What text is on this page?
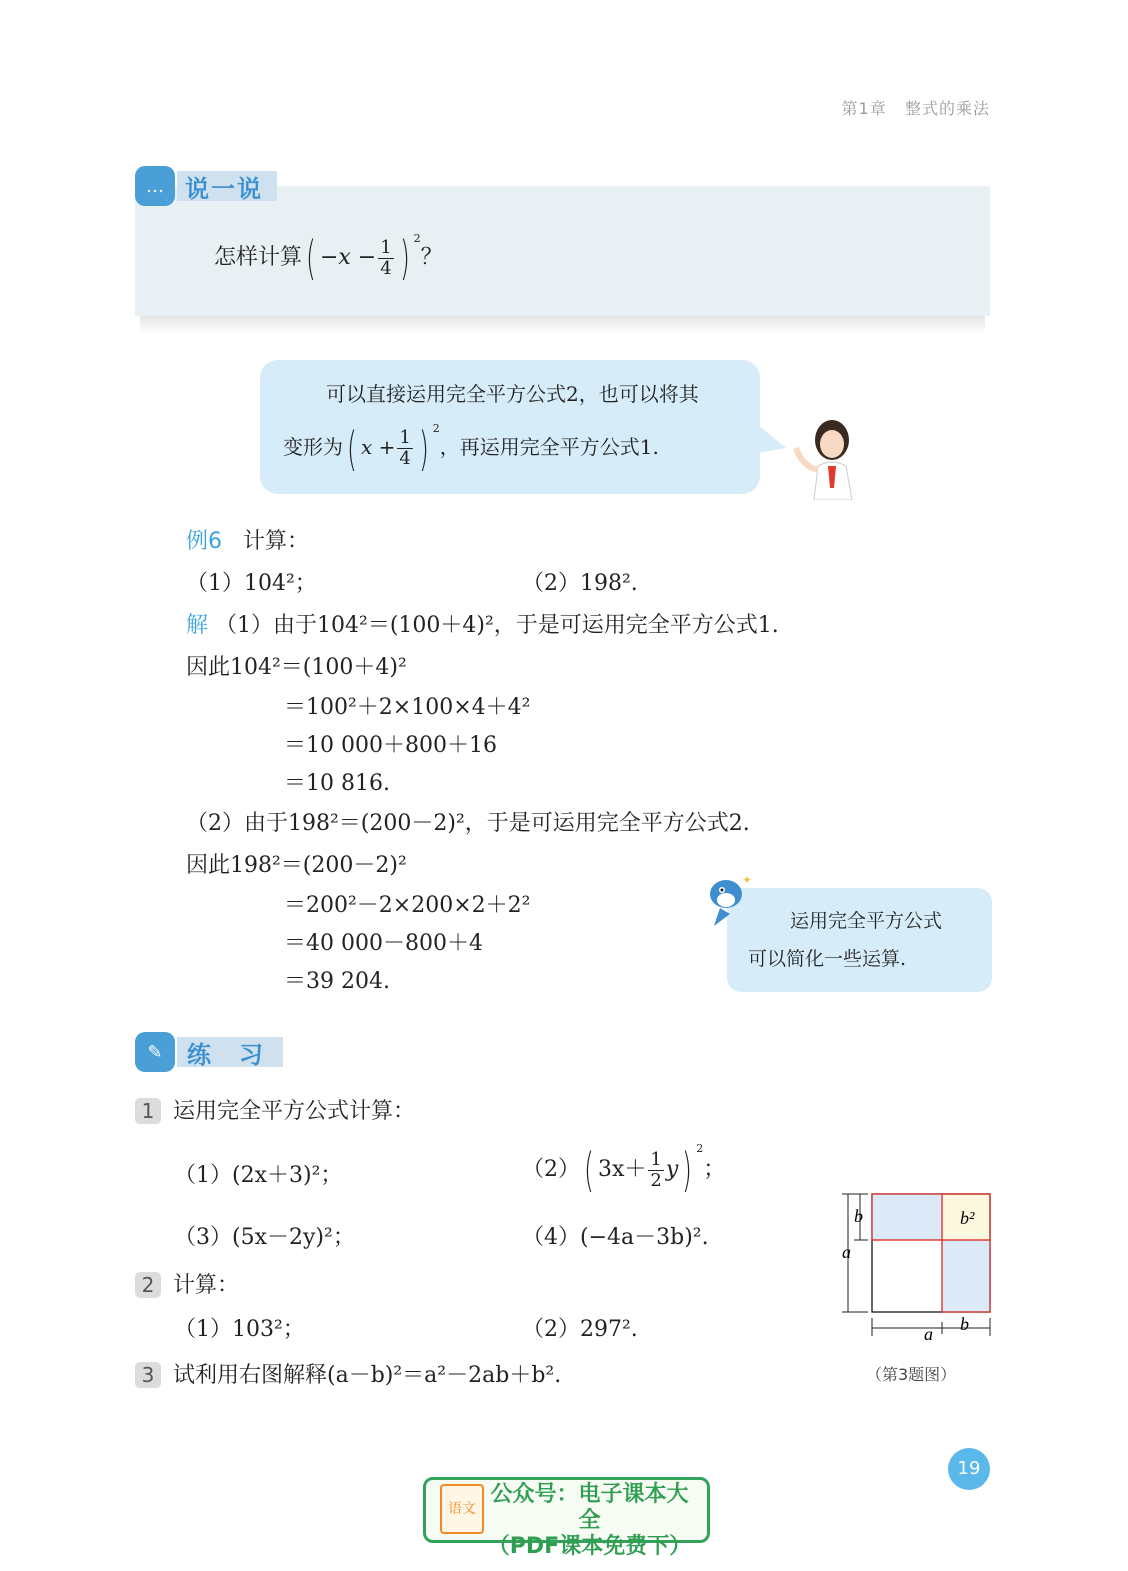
第1章 整式的乘法
… 说一说
怎样计算( $-x - \frac{1}{4}$ ) $^2$？
可以直接运用完全平方公式2，也可以将其
变形为( $x + \frac{1}{4}$ ) $^2$，再运用完全平方公式1.
例6 计算：
（1）104²；	（2）198².
解 （1）由于104²＝(100＋4)²，于是可运用完全平方公式1.
因此104²＝(100＋4)²
＝100²＋2×100×4＋4²
＝10 000＋800＋16
＝10 816.
（2）由于198²＝(200－2)²，于是可运用完全平方公式2.
因此198²＝(200－2)²
＝200²－2×200×2＋2²
＝40 000－800＋4
＝39 204.
运用完全平方公式
可以简化一些运算.
✦
✎	练　习
1 运用完全平方公式计算：
（1）(2x＋3)²；	（2）( $3x+ \frac{1}{2} y$) $^2$；
（3）(5x－2y)²；	（4）(−4a－3b)².
2 计算：
（1）103²；	（2）297².
3 试利用右图解释(a－b)²＝a²－2ab＋b².
b
a
b²
a b
（第3题图）
19
语文
公众号：电子课本大全
（PDF课本免费下）
